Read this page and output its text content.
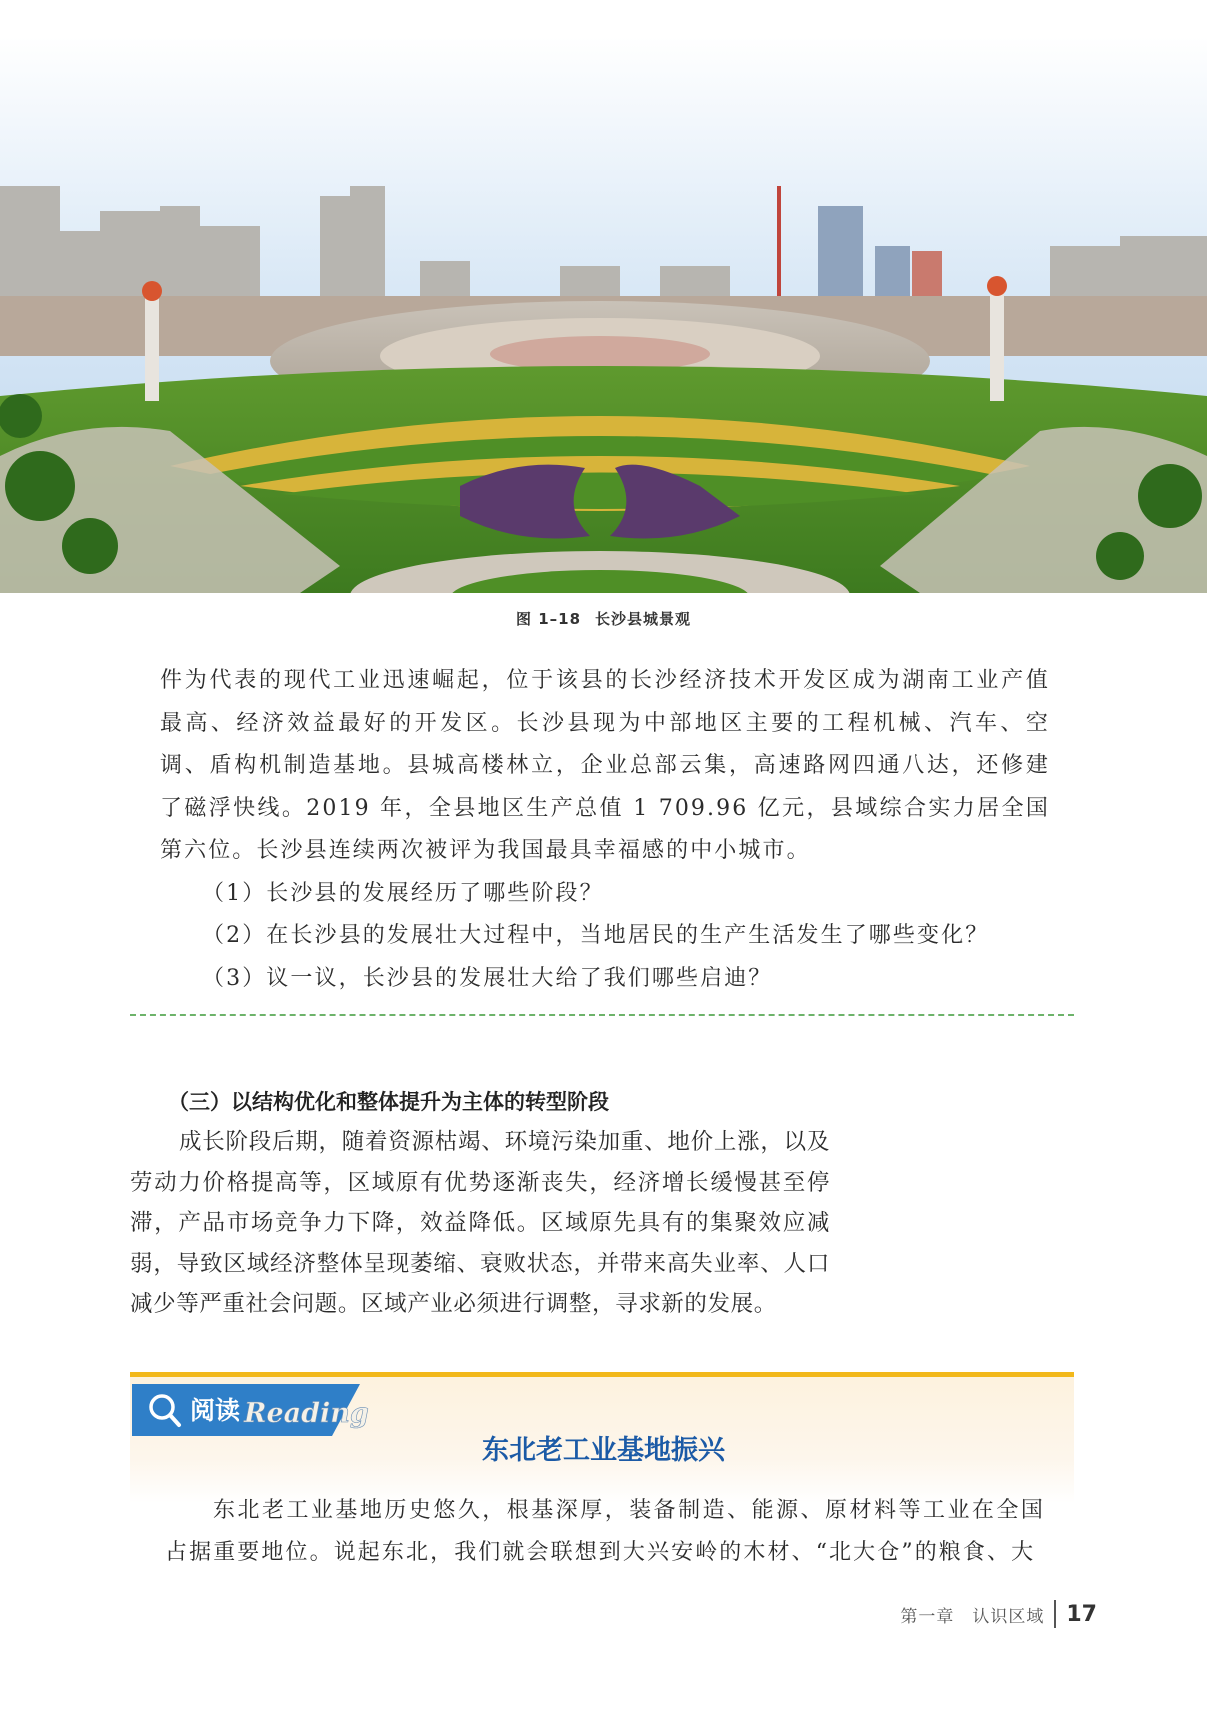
图 1–18 长沙县城景观

件为代表的现代工业迅速崛起，位于该县的长沙经济技术开发区成为湖南工业产值最高、经济效益最好的开发区。长沙县现为中部地区主要的工程机械、汽车、空调、盾构机制造基地。县城高楼林立，企业总部云集，高速路网四通八达，还修建了磁浮快线。2019 年，全县地区生产总值 1 709.96 亿元，县域综合实力居全国第六位。长沙县连续两次被评为我国最具幸福感的中小城市。

（1）长沙县的发展经历了哪些阶段？

（2）在长沙县的发展壮大过程中，当地居民的生产生活发生了哪些变化？

（3）议一议，长沙县的发展壮大给了我们哪些启迪？

（三）以结构优化和整体提升为主体的转型阶段

成长阶段后期，随着资源枯竭、环境污染加重、地价上涨，以及劳动力价格提高等，区域原有优势逐渐丧失，经济增长缓慢甚至停滞，产品市场竞争力下降，效益降低。区域原先具有的集聚效应减弱，导致区域经济整体呈现萎缩、衰败状态，并带来高失业率、人口减少等严重社会问题。区域产业必须进行调整，寻求新的发展。

阅读 Reading
东北老工业基地振兴

东北老工业基地历史悠久，根基深厚，装备制造、能源、原材料等工业在全国占据重要地位。说起东北，我们就会联想到大兴安岭的木材、“北大仓”的粮食、大

第一章　认识区域 17
